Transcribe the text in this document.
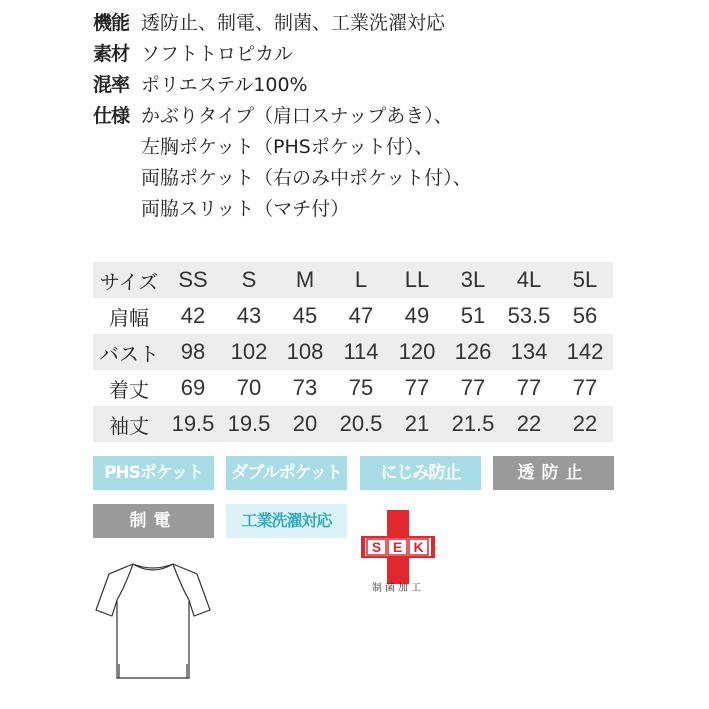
機能 透防止、制電、制菌、工業洗濯対応
素材 ソフトトロピカル
混率 ポリエステル100%
仕様 かぶりタイプ（肩口スナップあき）、
左胸ポケット（PHSポケット付）、
両脇ポケット（右のみ中ポケット付）、
両脇スリット（マチ付）
サイズ	SS	S	M	L	LL	3L	4L	5L
肩幅	42	43	45	47	49	51	53.5	56
バスト	98	102	108	114	120	126	134	142
着丈	69	70	73	75	77	77	77	77
袖丈	19.5	19.5	20	20.5	21	21.5	22	22
PHSポケット	ダブルポケット	にじみ防止	透防止
制電	工業洗濯対応
S E K
制菌加工
